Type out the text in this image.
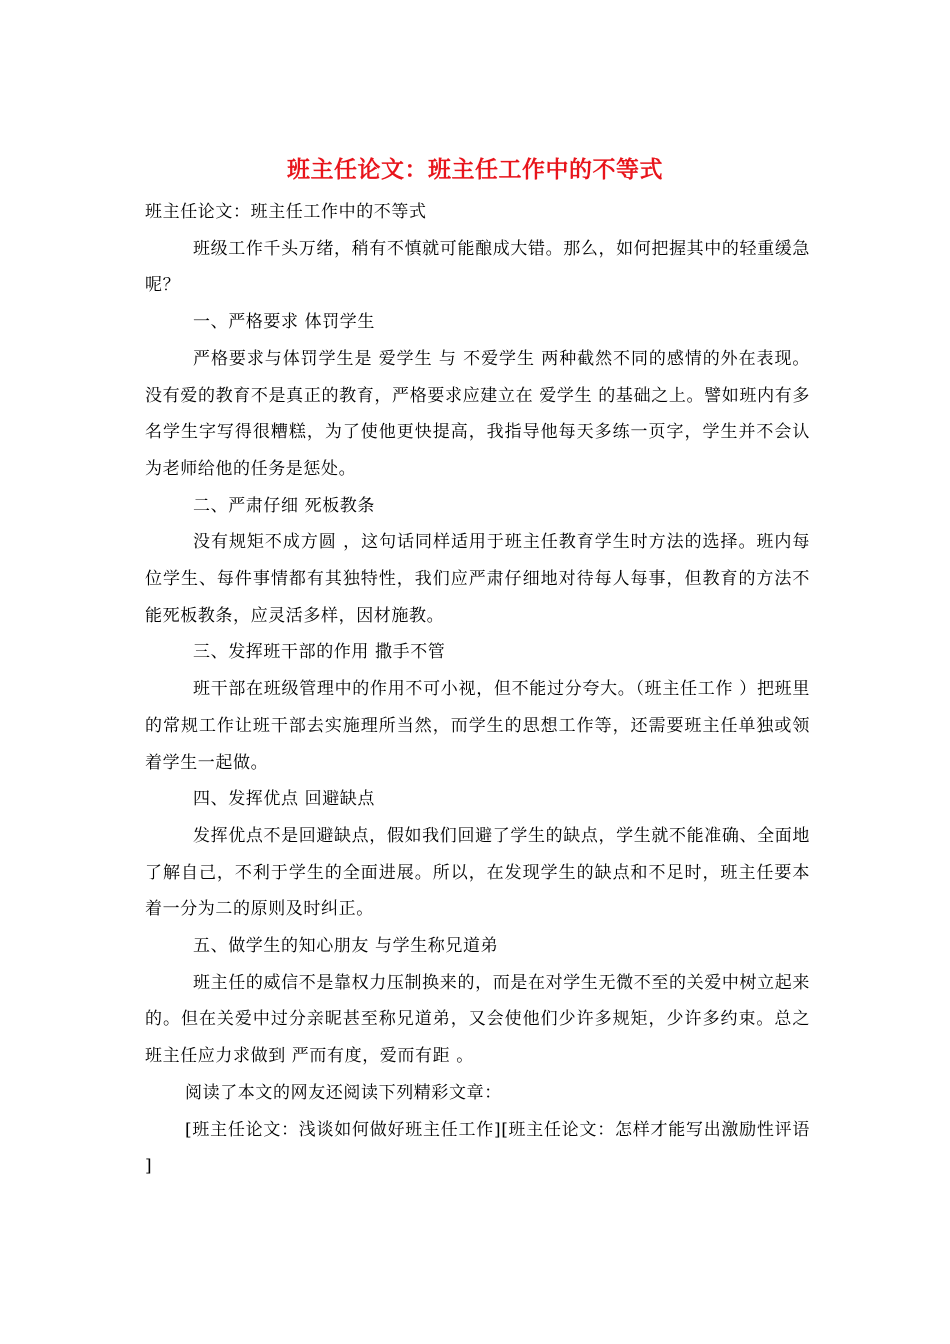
班主任论文：班主任工作中的不等式

班主任论文：班主任工作中的不等式

班级工作千头万绪，稍有不慎就可能酿成大错。那么，如何把握其中的轻重缓急呢？

一、严格要求 体罚学生

严格要求与体罚学生是 爱学生 与 不爱学生 两种截然不同的感情的外在表现。没有爱的教育不是真正的教育，严格要求应建立在 爱学生 的基础之上。譬如班内有多名学生字写得很糟糕，为了使他更快提高，我指导他每天多练一页字，学生并不会认为老师给他的任务是惩处。

二、严肃仔细 死板教条

没有规矩不成方圆 ，这句话同样适用于班主任教育学生时方法的选择。班内每位学生、每件事情都有其独特性，我们应严肃仔细地对待每人每事，但教育的方法不能死板教条，应灵活多样，因材施教。

三、发挥班干部的作用 撒手不管

班干部在班级管理中的作用不可小视，但不能过分夸大。（班主任工作 ）把班里的常规工作让班干部去实施理所当然，而学生的思想工作等，还需要班主任单独或领着学生一起做。

四、发挥优点 回避缺点

发挥优点不是回避缺点，假如我们回避了学生的缺点，学生就不能准确、全面地了解自己，不利于学生的全面进展。所以，在发现学生的缺点和不足时，班主任要本着一分为二的原则及时纠正。

五、做学生的知心朋友 与学生称兄道弟

班主任的威信不是靠权力压制换来的，而是在对学生无微不至的关爱中树立起来的。但在关爱中过分亲昵甚至称兄道弟，又会使他们少许多规矩，少许多约束。总之班主任应力求做到 严而有度，爱而有距 。

阅读了本文的网友还阅读下列精彩文章：

[班主任论文：浅谈如何做好班主任工作][班主任论文：怎样才能写出激励性评语 ]
